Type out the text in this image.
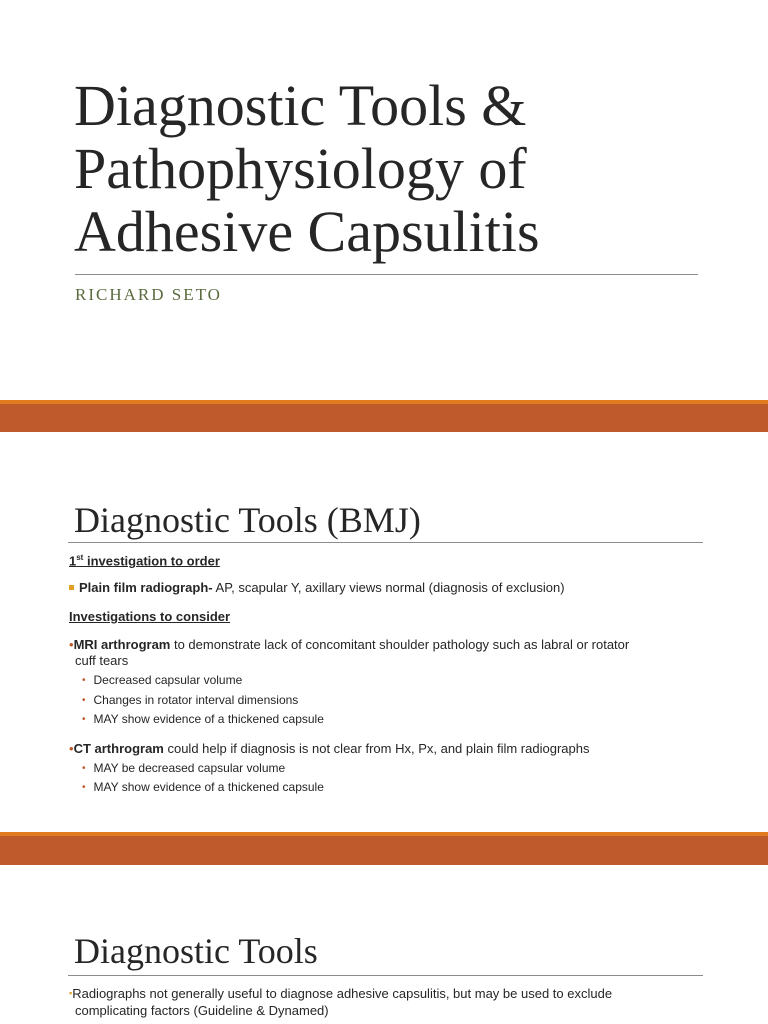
Diagnostic Tools &
Pathophysiology of
Adhesive Capsulitis
RICHARD SETO
Diagnostic Tools (BMJ)
1st investigation to order
Plain film radiograph- AP, scapular Y, axillary views normal (diagnosis of exclusion)
Investigations to consider
•MRI arthrogram to demonstrate lack of concomitant shoulder pathology such as labral or rotator
cuff tears
• Decreased capsular volume
• Changes in rotator interval dimensions
• MAY show evidence of a thickened capsule
•CT arthrogram could help if diagnosis is not clear from Hx, Px, and plain film radiographs
• MAY be decreased capsular volume
• MAY show evidence of a thickened capsule
Diagnostic Tools
▪Radiographs not generally useful to diagnose adhesive capsulitis, but may be used to exclude
complicating factors (Guideline & Dynamed)
